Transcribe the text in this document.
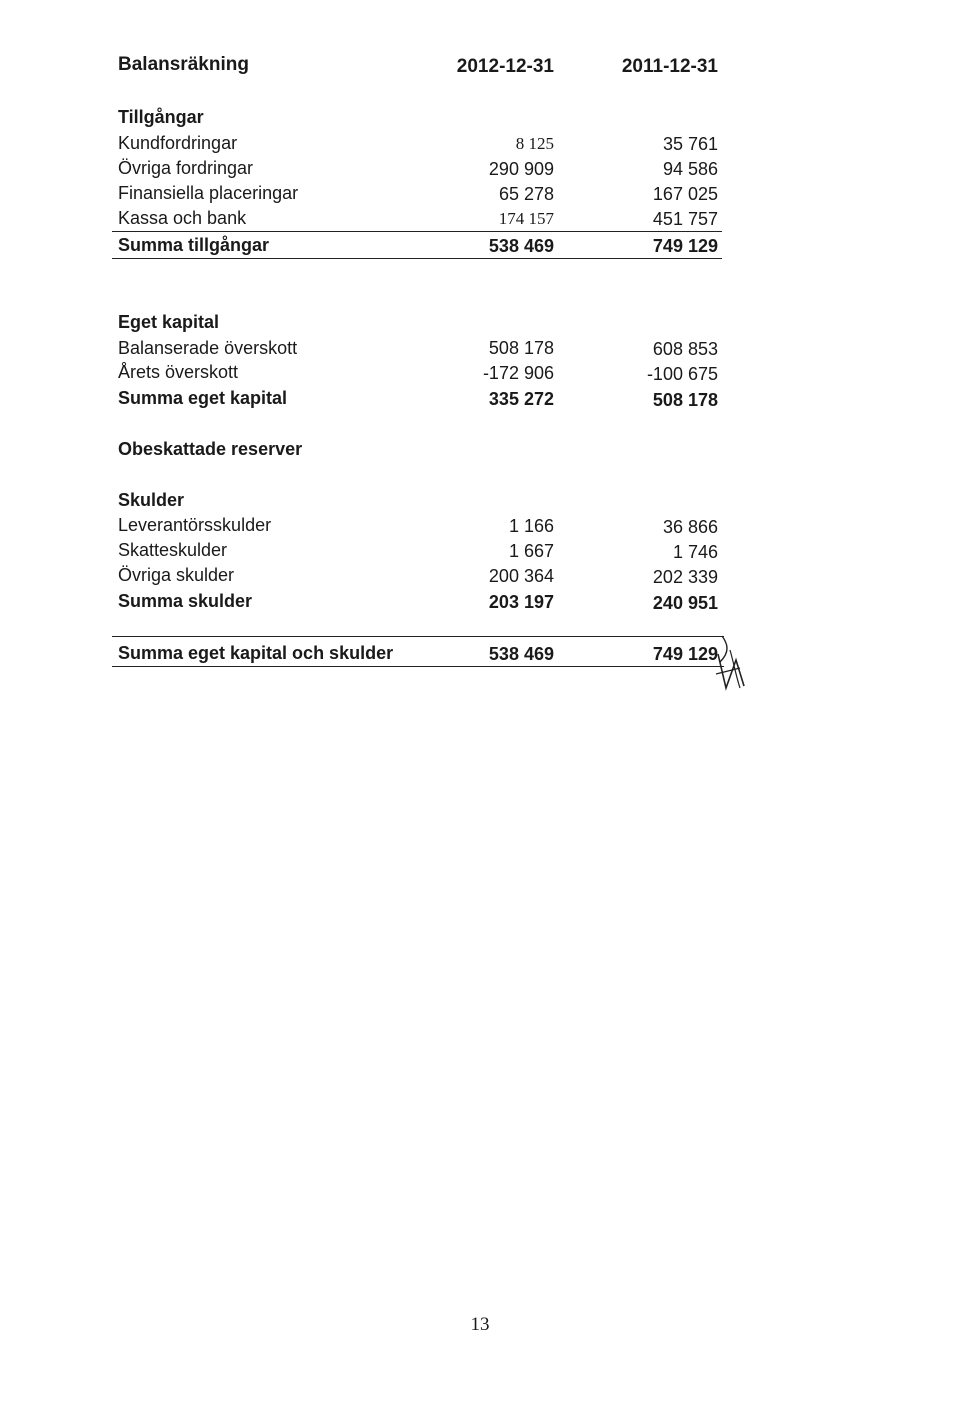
Balansräkning	2012-12-31	2011-12-31
Tillgångar
Kundfordringar	8 125	35 761
Övriga fordringar	290 909	94 586
Finansiella placeringar	65 278	167 025
Kassa och bank	174 157	451 757
Summa tillgångar	538 469	749 129
Eget kapital
Balanserade överskott	508 178	608 853
Årets överskott	-172 906	-100 675
Summa eget kapital	335 272	508 178
Obeskattade reserver
Skulder
Leverantörsskulder	1 166	36 866
Skatteskulder	1 667	1 746
Övriga skulder	200 364	202 339
Summa skulder	203 197	240 951
Summa eget kapital och skulder	538 469	749 129
13
